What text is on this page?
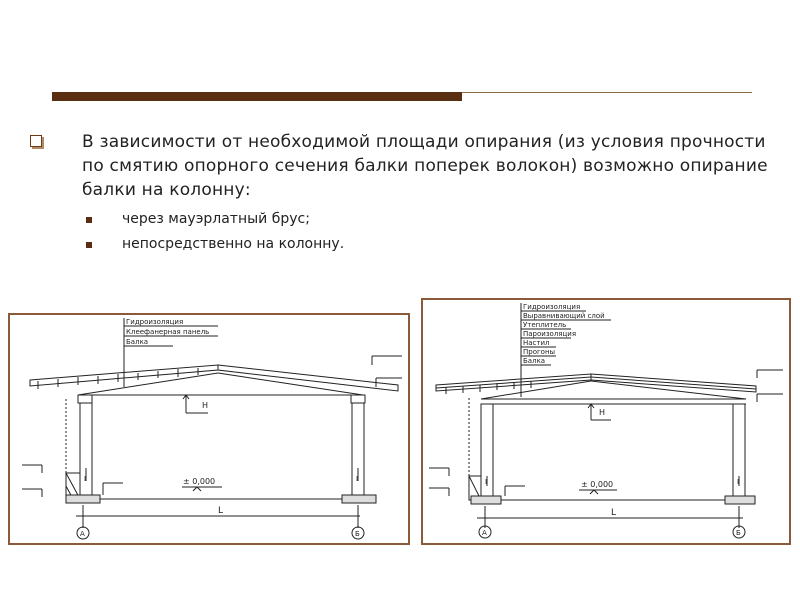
В зависимости от необходимой площади опирания (из условия прочности по смятию опорного сечения балки поперек волокон) возможно опирание балки на колонну:
через мауэрлатный брус;
непосредственно на колонну.
Гидроизоляция
Клеефанерная панель
Балка
H
± 0,000
L
А	Б
I	I
Гидроизоляция
Выравнивающий слой
Утеплитель
Пароизоляция
Настил
Прогоны
Балка
H
± 0,000
L
А	Б
I	I
